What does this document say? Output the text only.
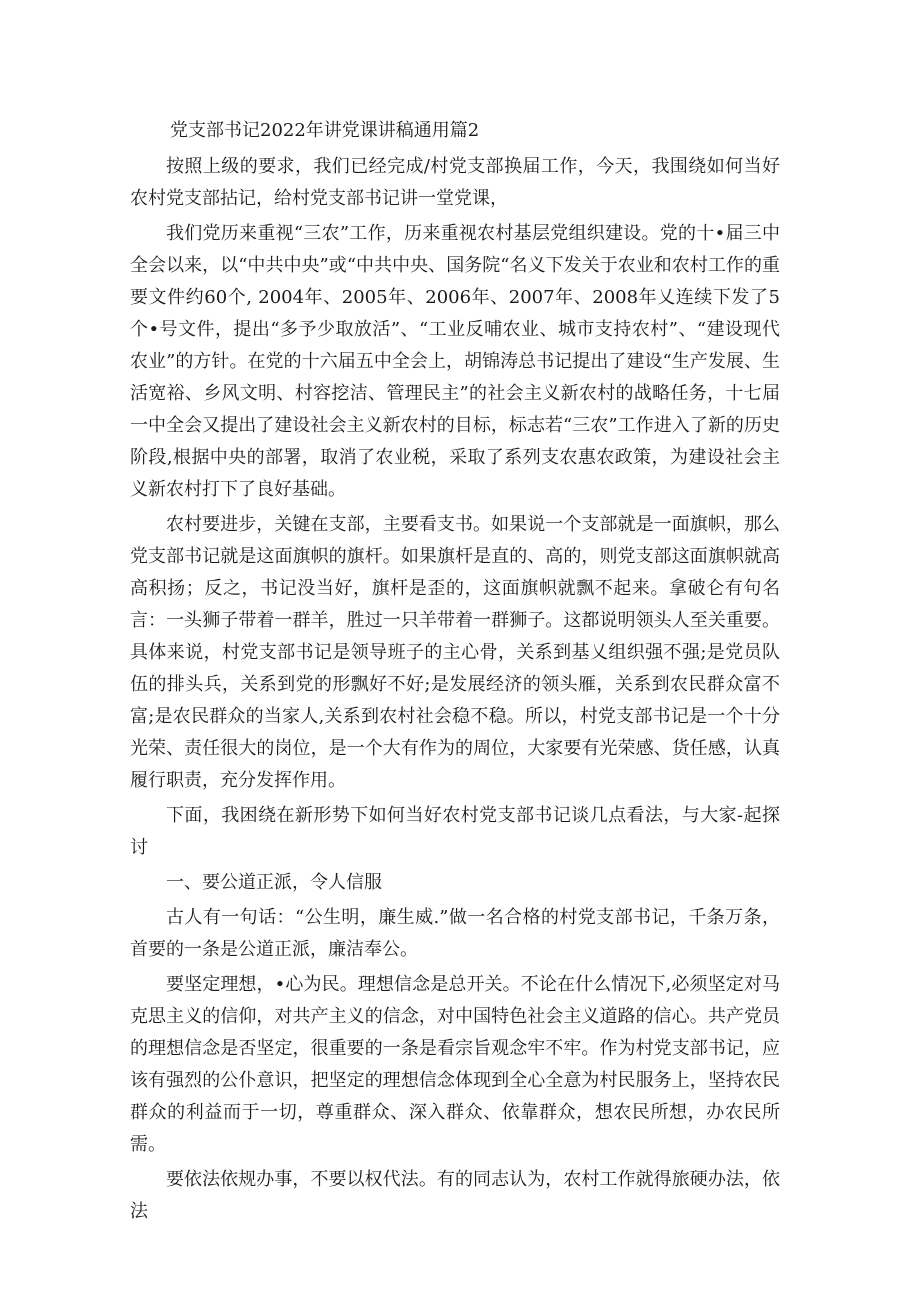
党支部书记2022年讲党课讲稿通用篇2

按照上级的要求，我们已经完成/村党支部换届工作，今天，我围绕如何当好农村党支部拈记，给村党支部书记讲一堂党课，

我们党历来重视“三农”工作，历来重视农村基层党组织建设。党的十•届三中全会以来，以“中共中央”或“中共中央、国务院“名义下发关于农业和农村工作的重要文件约60个, 2004年、2005年、2006年、2007年、2008年乂连续下发了5个•号文件，提出“多予少取放活”、“工业反哺农业、城市支持农村”、“建设现代农业”的方针。在党的十六届五中全会上，胡锦涛总书记提出了建设“生产发展、生活宽裕、乡风文明、村容挖洁、管理民主”的社会主义新农村的战略任务，十七届一中全会又提出了建设社会主义新农村的目标，标志若“三农”工作进入了新的历史阶段,根据中央的部署，取消了农业税，采取了系列支农惠农政策，为建设社会主义新农村打下了良好基础。

农村要进步，关键在支部，主要看支书。如果说一个支部就是一面旗帜，那么党支部书记就是这面旗帜的旗杆。如果旗杆是直的、高的，则党支部这面旗帜就高高积扬；反之，书记没当好，旗杆是歪的，这面旗帜就飘不起来。拿破仑有句名言：一头狮子带着一群羊，胜过一只羊带着一群狮子。这都说明领头人至关重要。具体来说，村党支部书记是领导班子的主心骨，关系到基乂组织强不强;是党员队伍的排头兵，关系到党的形飘好不好;是发展经济的领头雁，关系到农民群众富不富;是农民群众的当家人,关系到农村社会稳不稳。所以，村党支部书记是一个十分光荣、责任很大的岗位，是一个大有作为的周位，大家要有光荣感、货任感，认真履行职责，充分发挥作用。

下面，我困绕在新形势下如何当好农村党支部书记谈几点看法，与大家-起探讨

一、要公道正派，令人信服

古人有一句话：“公生明，廉生威.”做一名合格的村党支部书记，千条万条，首要的一条是公道正派，廉洁奉公。

要坚定理想，•心为民。理想信念是总开关。不论在什么情况下,必须坚定对马克思主义的信仰，对共产主义的信念，对中国特色社会主义道路的信心。共产党员的理想信念是否坚定，很重要的一条是看宗旨观念牢不牢。作为村党支部书记，应该有强烈的公仆意识，把坚定的理想信念体现到全心全意为村民服务上，坚持农民群众的利益而于一切，尊重群众、深入群众、依靠群众，想农民所想，办农民所需。

要依法依规办事，不要以权代法。有的同志认为，农村工作就得旅硬办法，依法
